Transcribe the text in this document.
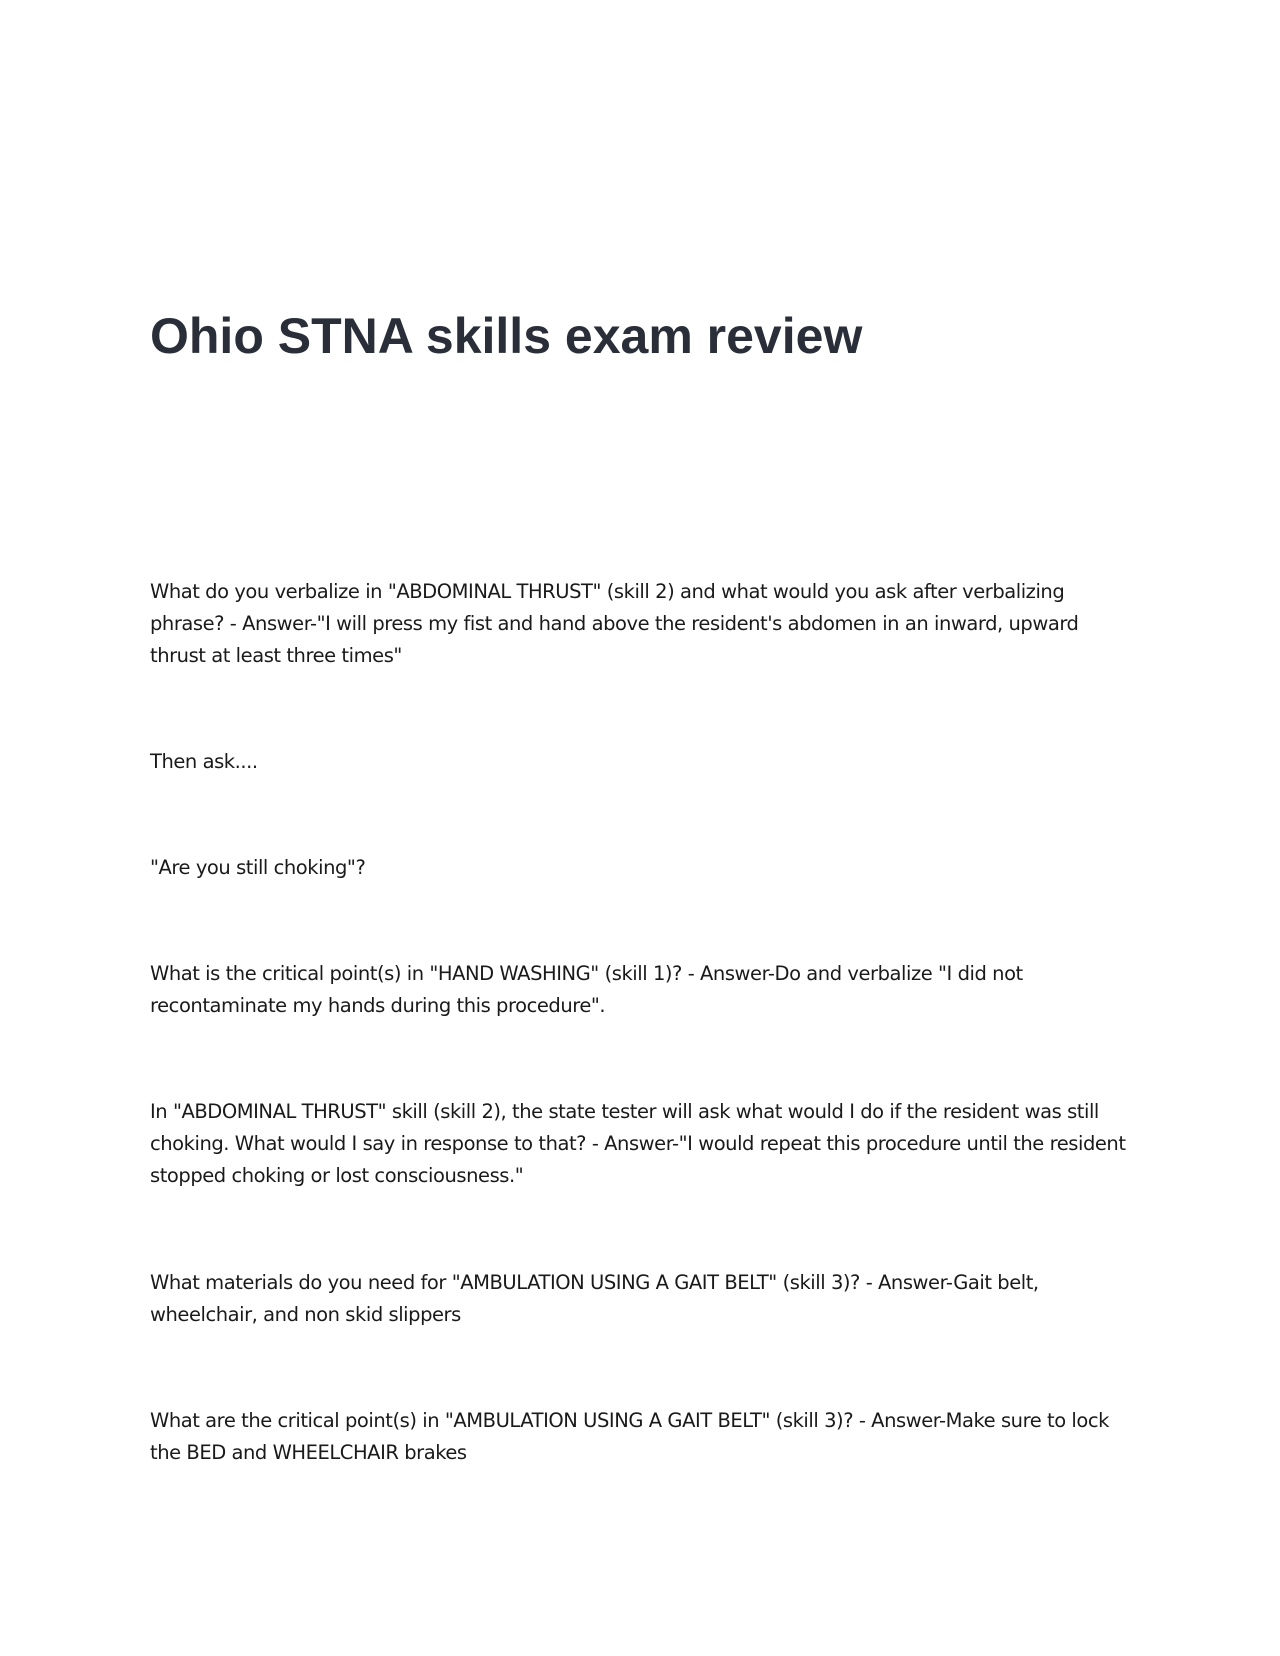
Ohio STNA skills exam review

What do you verbalize in "ABDOMINAL THRUST" (skill 2) and what would you ask after verbalizing phrase? - Answer-"I will press my fist and hand above the resident's abdomen in an inward, upward thrust at least three times"

Then ask....

"Are you still choking"?

What is the critical point(s) in "HAND WASHING" (skill 1)? - Answer-Do and verbalize "I did not recontaminate my hands during this procedure".

In "ABDOMINAL THRUST" skill (skill 2), the state tester will ask what would I do if the resident was still choking. What would I say in response to that? - Answer-"I would repeat this procedure until the resident stopped choking or lost consciousness."

What materials do you need for "AMBULATION USING A GAIT BELT" (skill 3)? - Answer-Gait belt, wheelchair, and non skid slippers

What are the critical point(s) in "AMBULATION USING A GAIT BELT" (skill 3)? - Answer-Make sure to lock the BED and WHEELCHAIR brakes
